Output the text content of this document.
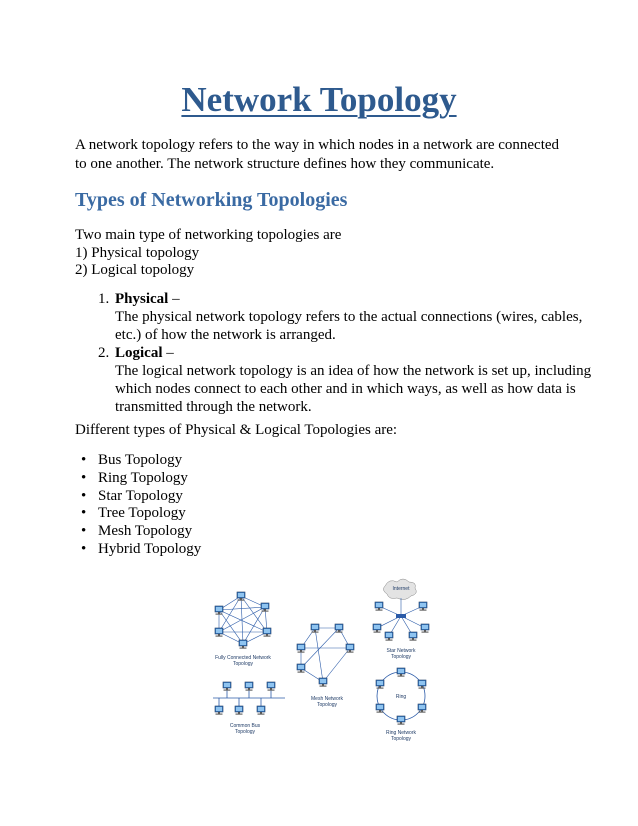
Network Topology

A network topology refers to the way in which nodes in a network are connected to one another. The network structure defines how they communicate.

Types of Networking Topologies

Two main type of networking topologies are

1) Physical topology

2) Logical topology

1. Physical –
The physical network topology refers to the actual connections (wires, cables, etc.) of how the network is arranged.
2. Logical –
The logical network topology is an idea of how the network is set up, including which nodes connect to each other and in which ways, as well as how data is transmitted through the network.

Different types of Physical & Logical Topologies are:

• Bus Topology
• Ring Topology
• Star Topology
• Tree Topology
• Mesh Topology
• Hybrid Topology
Fully Connected Network
Topology
Common Bus
Topology
Mesh Network
Topology
Internet
Star Network
Topology
Ring
Ring Network
Topology
